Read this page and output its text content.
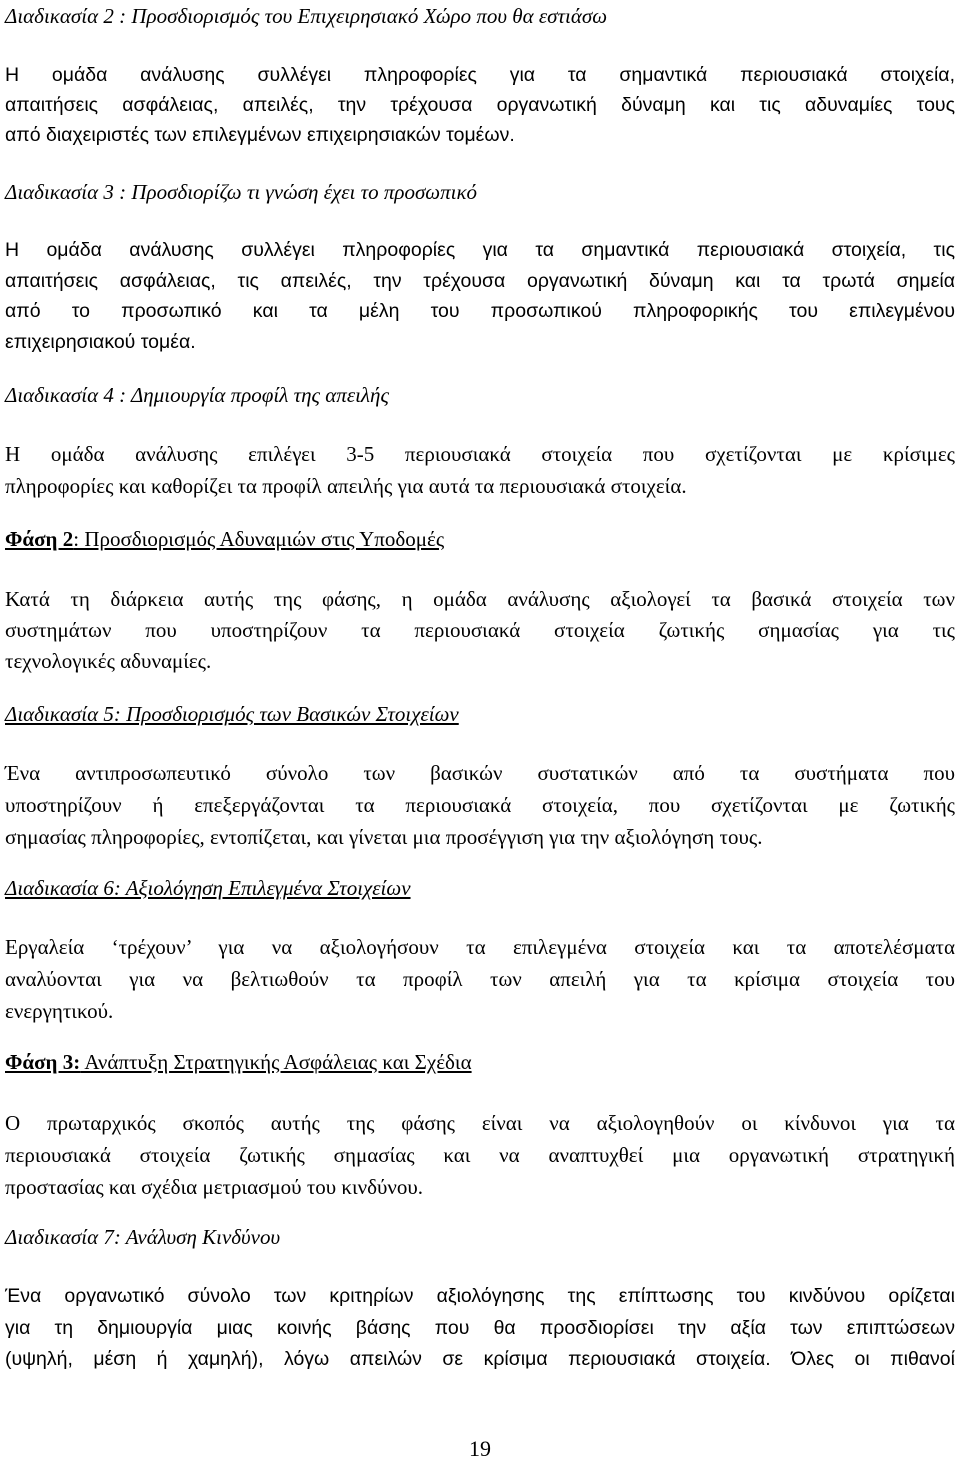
Διαδικασία 2 : Προσδιορισμός του Επιχειρησιακό Χώρο που θα εστιάσω

Η ομάδα ανάλυσης συλλέγει πληροφορίες για τα σημαντικά περιουσιακά στοιχεία,
απαιτήσεις ασφάλειας, απειλές, την τρέχουσα οργανωτική δύναμη και τις αδυναμίες τους
από διαχειριστές των επιλεγμένων επιχειρησιακών τομέων.

Διαδικασία 3 : Προσδιορίζω τι γνώση έχει το προσωπικό

Η ομάδα ανάλυσης συλλέγει πληροφορίες για τα σημαντικά περιουσιακά στοιχεία, τις
απαιτήσεις ασφάλειας, τις απειλές, την τρέχουσα οργανωτική δύναμη και τα τρωτά σημεία
από το προσωπικό και τα μέλη του προσωπικού πληροφορικής του επιλεγμένου
επιχειρησιακού τομέα.

Διαδικασία 4 : Δημιουργία προφίλ της απειλής

Η ομάδα ανάλυσης επιλέγει 3-5 περιουσιακά στοιχεία που σχετίζονται με κρίσιμες
πληροφορίες και καθορίζει τα προφίλ απειλής για αυτά τα περιουσιακά στοιχεία.

Φάση 2: Προσδιορισμός Αδυναμιών στις Υποδομές

Κατά τη διάρκεια αυτής της φάσης, η ομάδα ανάλυσης αξιολογεί τα βασικά στοιχεία των
συστημάτων που υποστηρίζουν τα περιουσιακά στοιχεία ζωτικής σημασίας για τις
τεχνολογικές αδυναμίες.

Διαδικασία 5: Προσδιορισμός των Βασικών Στοιχείων

Ένα αντιπροσωπευτικό σύνολο των βασικών συστατικών από τα συστήματα που
υποστηρίζουν ή επεξεργάζονται τα περιουσιακά στοιχεία, που σχετίζονται με ζωτικής
σημασίας πληροφορίες, εντοπίζεται, και γίνεται μια προσέγγιση για την αξιολόγηση τους.

Διαδικασία 6: Αξιολόγηση Επιλεγμένα Στοιχείων

Εργαλεία ‘τρέχουν’ για να αξιολογήσουν τα επιλεγμένα στοιχεία και τα αποτελέσματα
αναλύονται για να βελτιωθούν τα προφίλ των απειλή για τα κρίσιμα στοιχεία του
ενεργητικού.

Φάση 3: Ανάπτυξη Στρατηγικής Ασφάλειας και Σχέδια

Ο πρωταρχικός σκοπός αυτής της φάσης είναι να αξιολογηθούν οι κίνδυνοι για τα
περιουσιακά στοιχεία ζωτικής σημασίας και να αναπτυχθεί μια οργανωτική στρατηγική
προστασίας και σχέδια μετριασμού του κινδύνου.

Διαδικασία 7: Ανάλυση Κινδύνου

Ένα οργανωτικό σύνολο των κριτηρίων αξιολόγησης της επίπτωσης του κινδύνου ορίζεται
για τη δημιουργία μιας κοινής βάσης που θα προσδιορίσει την αξία των επιπτώσεων
(υψηλή, μέση ή χαμηλή), λόγω απειλών σε κρίσιμα περιουσιακά στοιχεία. Όλες οι πιθανοί

19
